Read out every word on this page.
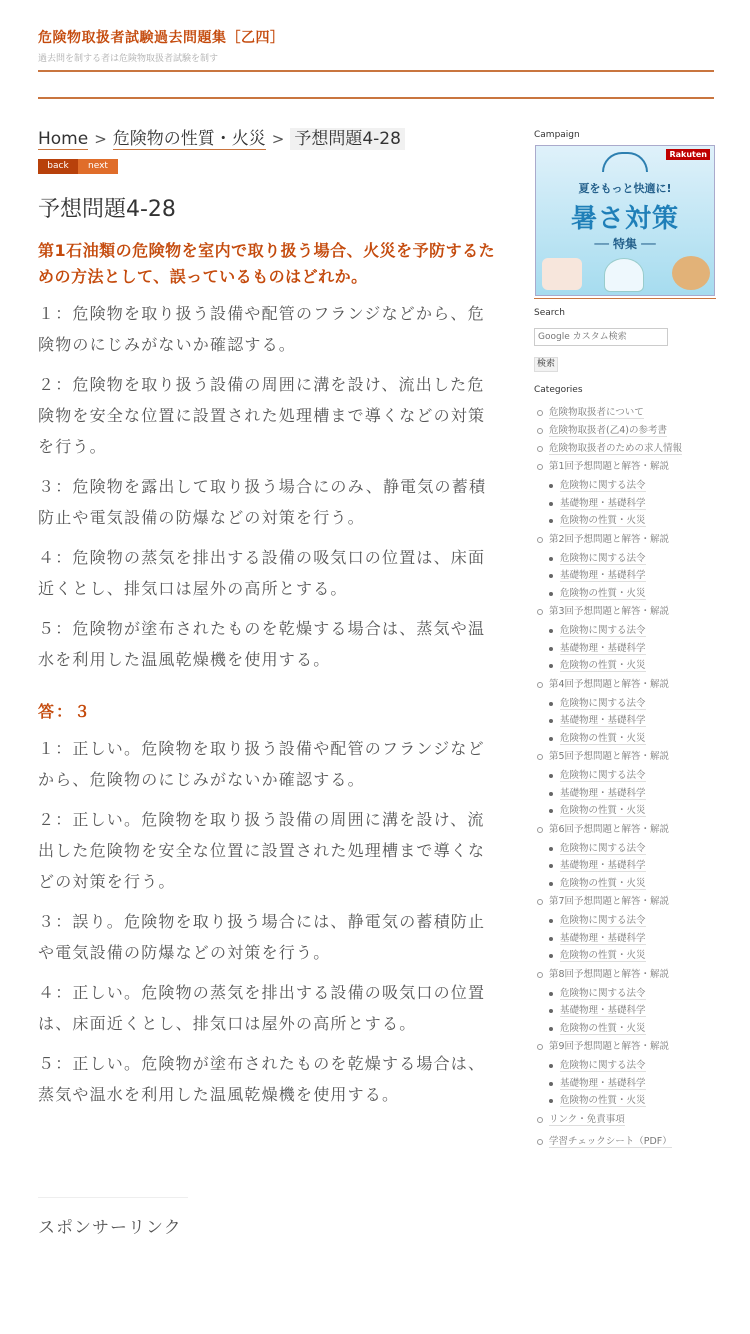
危険物取扱者試験過去問題集［乙四］
過去問を制する者は危険物取扱者試験を制す
Home > 危険物の性質・火災 > 予想問題4-28
back	next
予想問題4-28
第1石油類の危険物を室内で取り扱う場合、火災を予防するための方法として、誤っているものはどれか。

１：危険物を取り扱う設備や配管のフランジなどから、危険物のにじみがないか確認する。

２：危険物を取り扱う設備の周囲に溝を設け、流出した危険物を安全な位置に設置された処理槽まで導くなどの対策を行う。

３：危険物を露出して取り扱う場合にのみ、静電気の蓄積防止や電気設備の防爆などの対策を行う。

４：危険物の蒸気を排出する設備の吸気口の位置は、床面近くとし、排気口は屋外の高所とする。

５：危険物が塗布されたものを乾燥する場合は、蒸気や温水を利用した温風乾燥機を使用する。

答：３

１：正しい。危険物を取り扱う設備や配管のフランジなどから、危険物のにじみがないか確認する。

２：正しい。危険物を取り扱う設備の周囲に溝を設け、流出した危険物を安全な位置に設置された処理槽まで導くなどの対策を行う。

３：誤り。危険物を取り扱う場合には、静電気の蓄積防止や電気設備の防爆などの対策を行う。

４：正しい。危険物の蒸気を排出する設備の吸気口の位置は、床面近くとし、排気口は屋外の高所とする。

５：正しい。危険物が塗布されたものを乾燥する場合は、蒸気や温水を利用した温風乾燥機を使用する。

スポンサーリンク
Campaign
Rakuten
夏をもっと快適に!
暑さ対策
── 特集 ──
Search
Google カスタム検索
検索
Categories
危険物取扱者について
危険物取扱者(乙4)の参考書
危険物取扱者のための求人情報
第1回予想問題と解答・解説
危険物に関する法令
基礎物理・基礎科学
危険物の性質・火災
第2回予想問題と解答・解説
危険物に関する法令
基礎物理・基礎科学
危険物の性質・火災
第3回予想問題と解答・解説
危険物に関する法令
基礎物理・基礎科学
危険物の性質・火災
第4回予想問題と解答・解説
危険物に関する法令
基礎物理・基礎科学
危険物の性質・火災
第5回予想問題と解答・解説
危険物に関する法令
基礎物理・基礎科学
危険物の性質・火災
第6回予想問題と解答・解説
危険物に関する法令
基礎物理・基礎科学
危険物の性質・火災
第7回予想問題と解答・解説
危険物に関する法令
基礎物理・基礎科学
危険物の性質・火災
第8回予想問題と解答・解説
危険物に関する法令
基礎物理・基礎科学
危険物の性質・火災
第9回予想問題と解答・解説
危険物に関する法令
基礎物理・基礎科学
危険物の性質・火災
リンク・免責事項
学習チェックシート（PDF）
